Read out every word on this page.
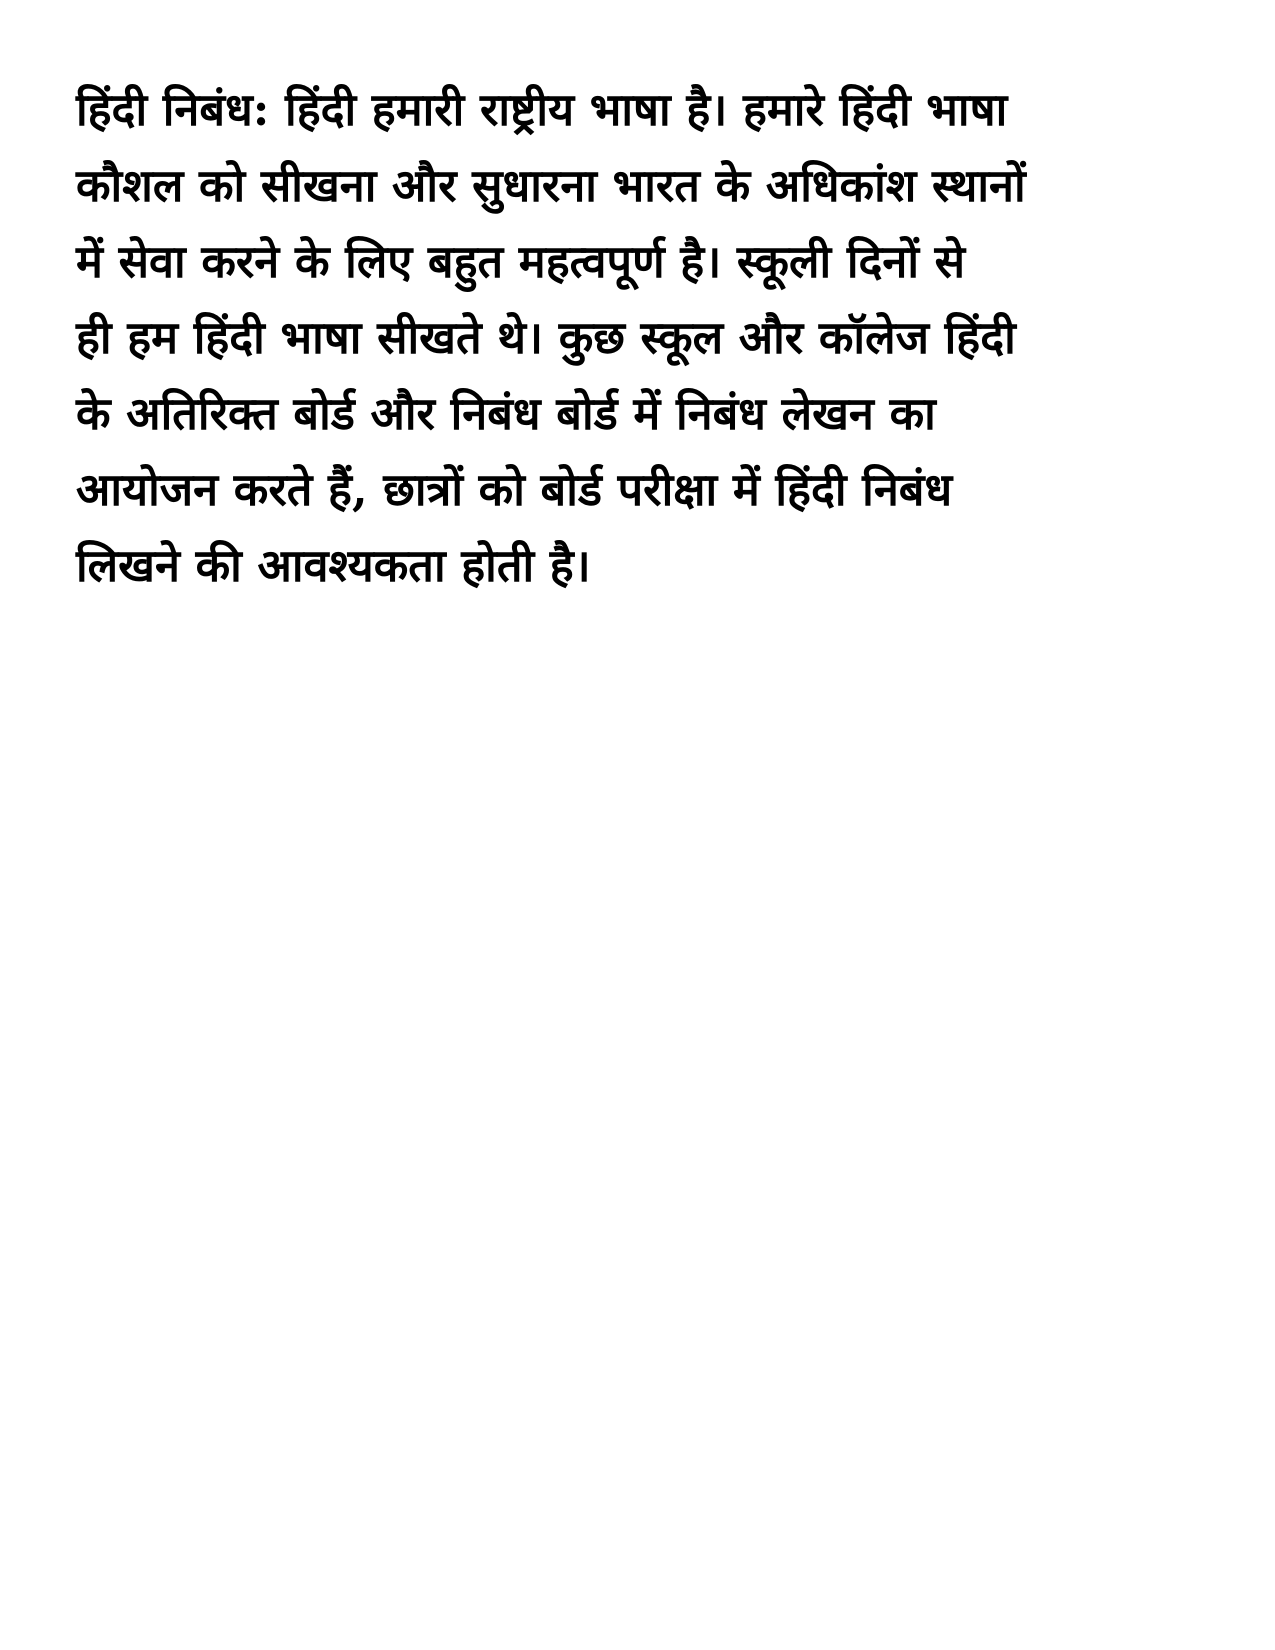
हिंदी निबंध: हिंदी हमारी राष्ट्रीय भाषा है। हमारे हिंदी भाषा
कौशल को सीखना और सुधारना भारत के अधिकांश स्थानों
में सेवा करने के लिए बहुत महत्वपूर्ण है। स्कूली दिनों से
ही हम हिंदी भाषा सीखते थे। कुछ स्कूल और कॉलेज हिंदी
के अतिरिक्त बोर्ड और निबंध बोर्ड में निबंध लेखन का
आयोजन करते हैं, छात्रों को बोर्ड परीक्षा में हिंदी निबंध
लिखने की आवश्यकता होती है।
